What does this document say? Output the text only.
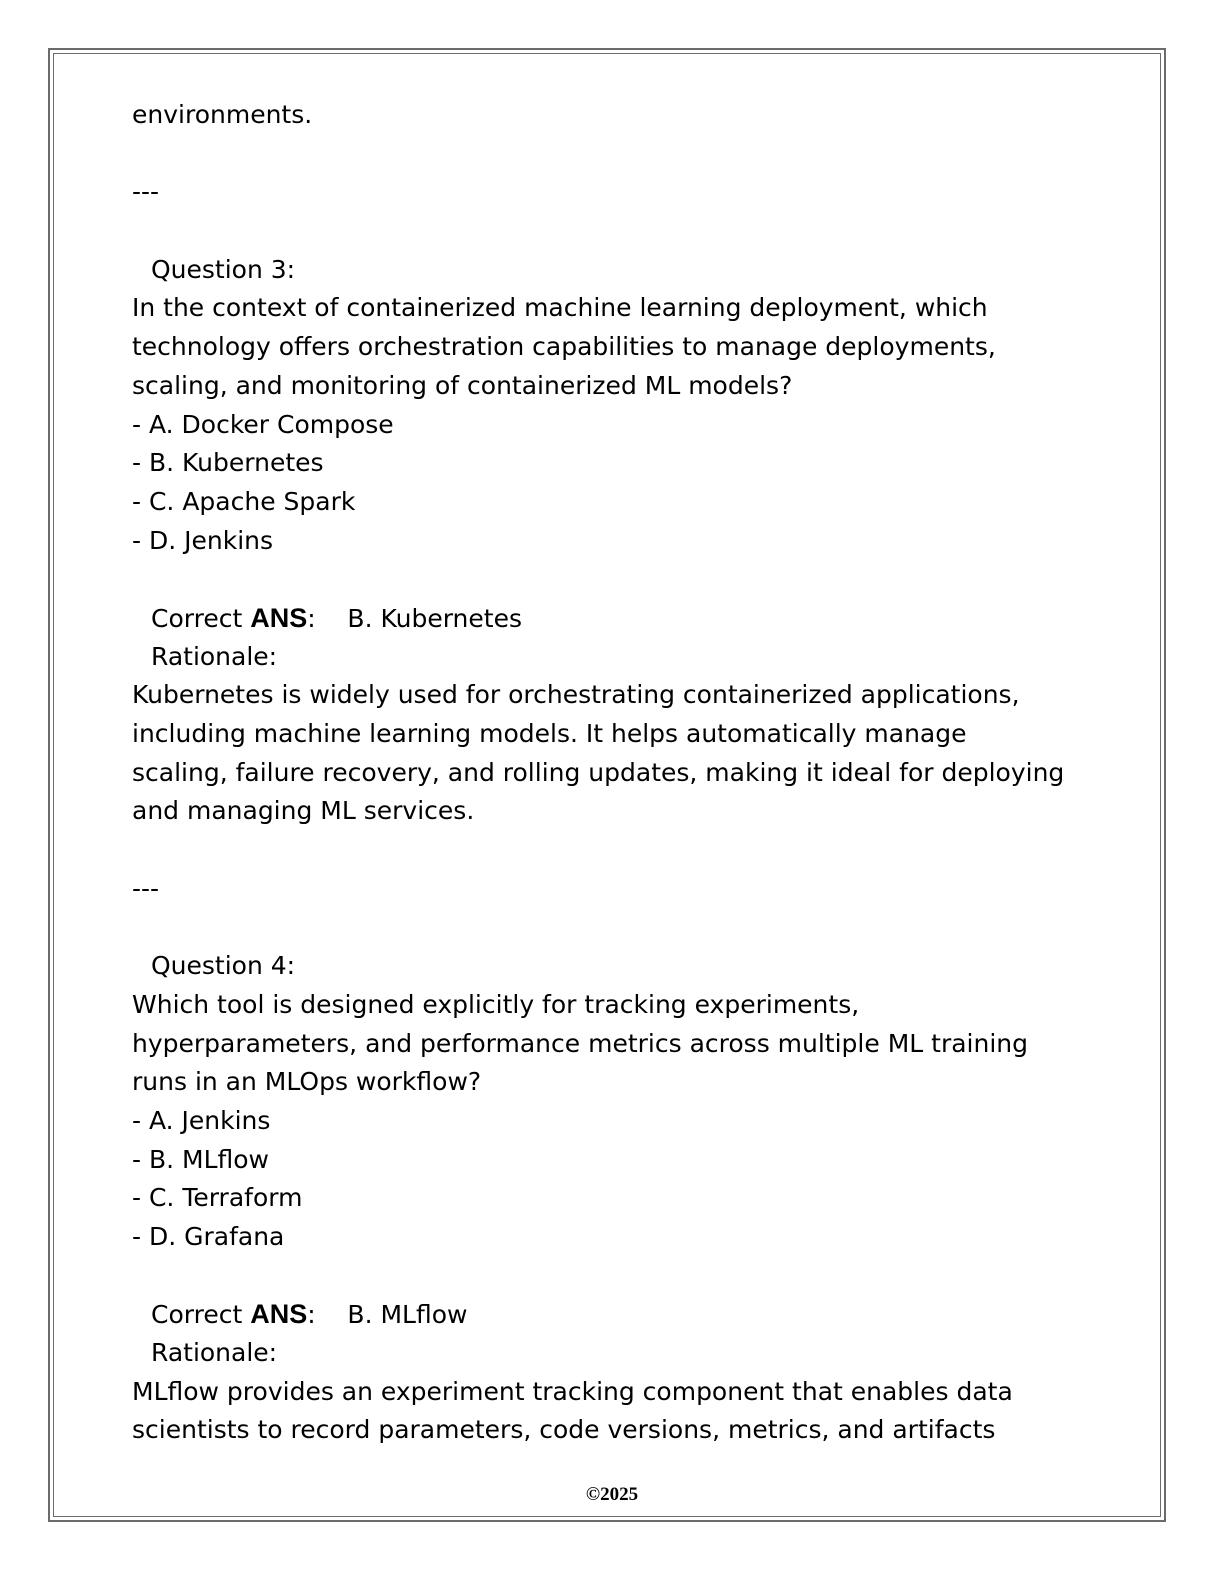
environments.
---
Question 3:
In the context of containerized machine learning deployment, which
technology offers orchestration capabilities to manage deployments,
scaling, and monitoring of containerized ML models?
- A. Docker Compose
- B. Kubernetes
- C. Apache Spark
- D. Jenkins
Correct ANS:    B. Kubernetes
Rationale:
Kubernetes is widely used for orchestrating containerized applications,
including machine learning models. It helps automatically manage
scaling, failure recovery, and rolling updates, making it ideal for deploying
and managing ML services.
---
Question 4:
Which tool is designed explicitly for tracking experiments,
hyperparameters, and performance metrics across multiple ML training
runs in an MLOps workflow?
- A. Jenkins
- B. MLflow
- C. Terraform
- D. Grafana
Correct ANS:    B. MLflow
Rationale:
MLflow provides an experiment tracking component that enables data
scientists to record parameters, code versions, metrics, and artifacts
©2025
